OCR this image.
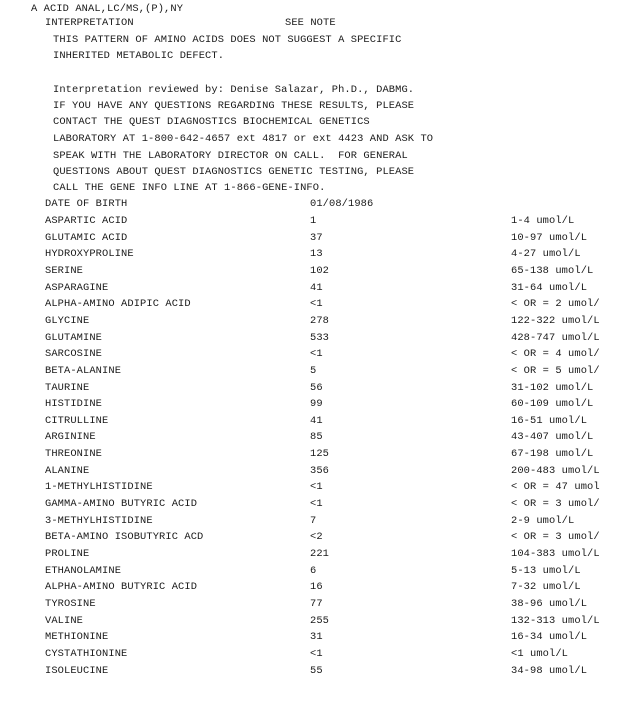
A ACID ANAL,LC/MS,(P),NY
INTERPRETATION	SEE NOTE
THIS PATTERN OF AMINO ACIDS DOES NOT SUGGEST A SPECIFIC
INHERITED METABOLIC DEFECT.
Interpretation reviewed by: Denise Salazar, Ph.D., DABMG.
IF YOU HAVE ANY QUESTIONS REGARDING THESE RESULTS, PLEASE
CONTACT THE QUEST DIAGNOSTICS BIOCHEMICAL GENETICS
LABORATORY AT 1-800-642-4657 ext 4817 or ext 4423 AND ASK TO
SPEAK WITH THE LABORATORY DIRECTOR ON CALL.  FOR GENERAL
QUESTIONS ABOUT QUEST DIAGNOSTICS GENETIC TESTING, PLEASE
CALL THE GENE INFO LINE AT 1-866-GENE-INFO.
DATE OF BIRTH	01/08/1986
ASPARTIC ACID	1	1-4 umol/L
GLUTAMIC ACID	37	10-97 umol/L
HYDROXYPROLINE	13	4-27 umol/L
SERINE	102	65-138 umol/L
ASPARAGINE	41	31-64 umol/L
ALPHA-AMINO ADIPIC ACID	<1	< OR = 2 umol/
GLYCINE	278	122-322 umol/L
GLUTAMINE	533	428-747 umol/L
SARCOSINE	<1	< OR = 4 umol/
BETA-ALANINE	5	< OR = 5 umol/
TAURINE	56	31-102 umol/L
HISTIDINE	99	60-109 umol/L
CITRULLINE	41	16-51 umol/L
ARGININE	85	43-407 umol/L
THREONINE	125	67-198 umol/L
ALANINE	356	200-483 umol/L
1-METHYLHISTIDINE	<1	< OR = 47 umol
GAMMA-AMINO BUTYRIC ACID	<1	< OR = 3 umol/
3-METHYLHISTIDINE	7	2-9 umol/L
BETA-AMINO ISOBUTYRIC ACD	<2	< OR = 3 umol/
PROLINE	221	104-383 umol/L
ETHANOLAMINE	6	5-13 umol/L
ALPHA-AMINO BUTYRIC ACID	16	7-32 umol/L
TYROSINE	77	38-96 umol/L
VALINE	255	132-313 umol/L
METHIONINE	31	16-34 umol/L
CYSTATHIONINE	<1	<1 umol/L
ISOLEUCINE	55	34-98 umol/L
